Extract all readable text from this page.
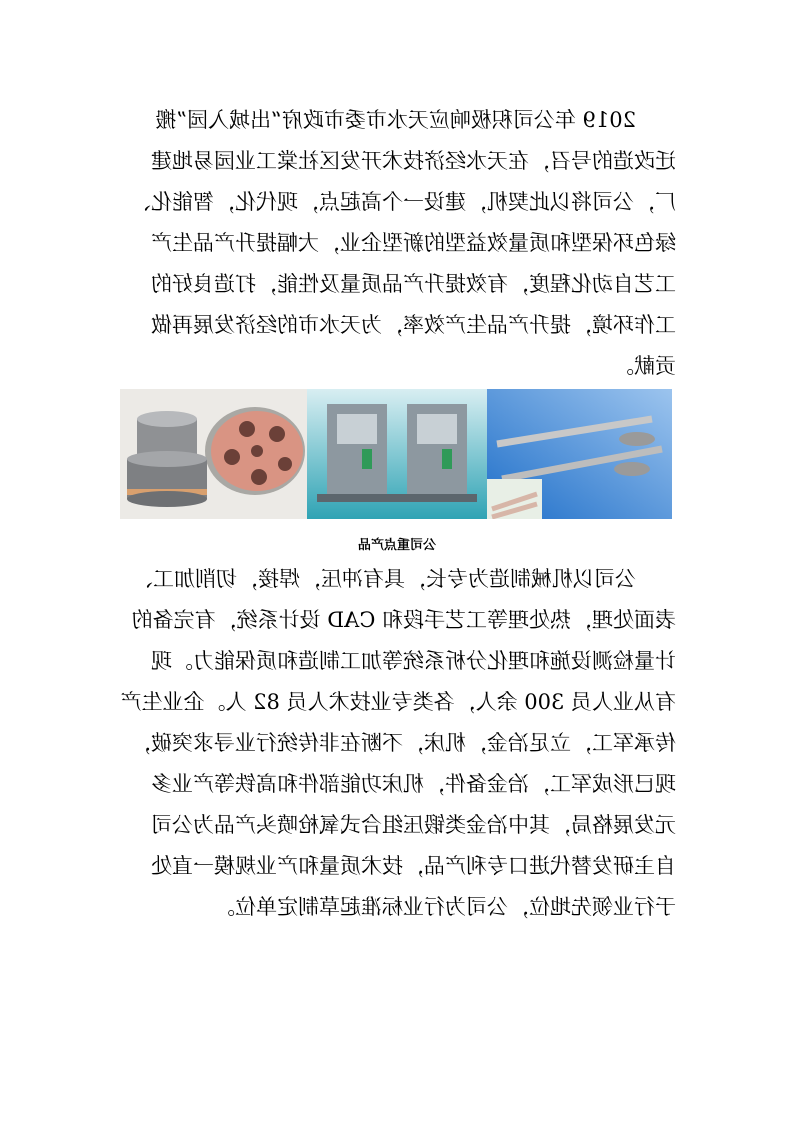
2019 年公司积极响应天水市委市政府“出城入园”搬
迁改造的号召，在天水经济技术开发区社棠工业园易地建
厂，公司将以此契机，建设一个高起点，现代化，智能化、
绿色环保型和质量效益型的新型企业，大幅提升产品生产
工艺自动化程度，有效提升产品质量及性能，打造良好的
工作环境，提升产品生产效率，为天水市的经济发展再做
贡献。
公司重点产品
公司以机械制造为专长，具有冲压，焊接，切削加工、
表面处理，热处理等工艺手段和 CAD 设计系统，有完备的
计量检测设施和理化分析系统等加工制造和质保能力。现
有从业人员 300 余人，各类专业技术人员 82 人。企业生产
传承军工，立足冶金，机床，不断在非传统行业寻求突破，
现已形成军工，冶金备件，机床功能部件和高铁等产业多
元发展格局，其中冶金类锻压组合式氧枪喷头产品为公司
自主研发替代进口专利产品，技术质量和产业规模一直处
于行业领先地位，公司为行业标准起草制定单位。
